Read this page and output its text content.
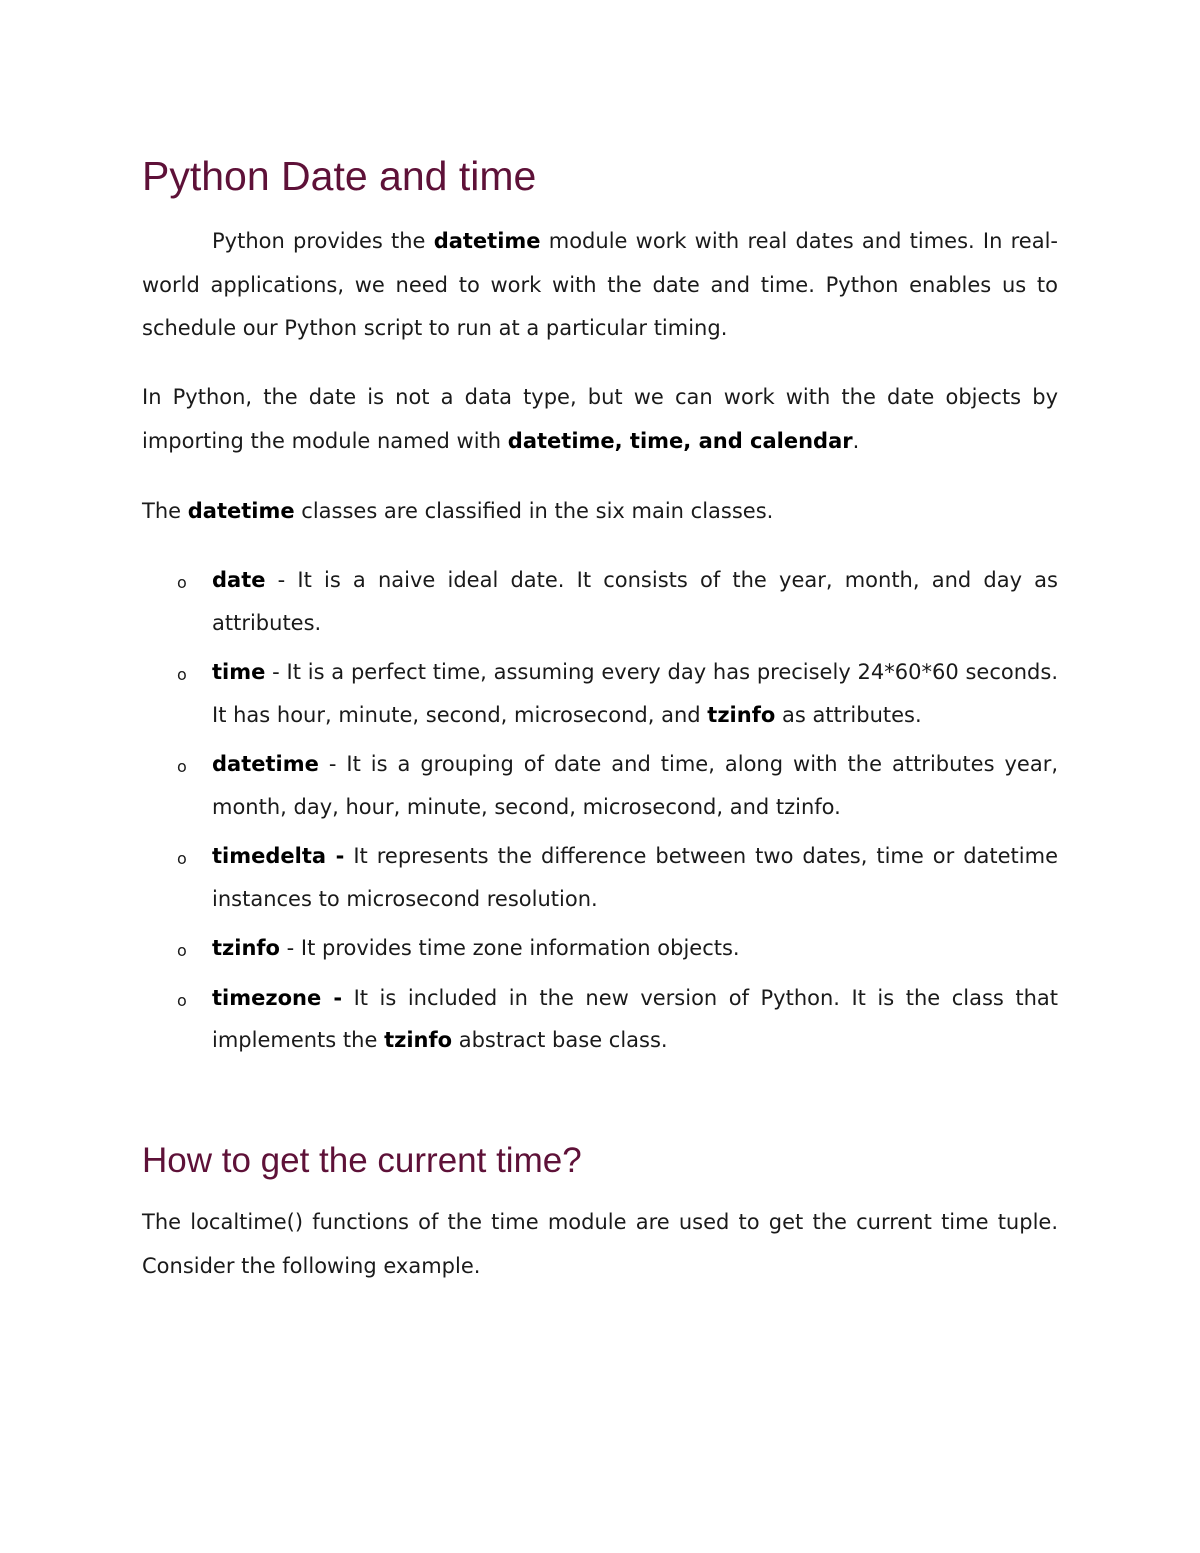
Python Date and time

Python provides the datetime module work with real dates and times. In real-world applications, we need to work with the date and time. Python enables us to schedule our Python script to run at a particular timing.

In Python, the date is not a data type, but we can work with the date objects by importing the module named with datetime, time, and calendar.

The datetime classes are classified in the six main classes.

o date - It is a naive ideal date. It consists of the year, month, and day as attributes.
o time - It is a perfect time, assuming every day has precisely 24*60*60 seconds. It has hour, minute, second, microsecond, and tzinfo as attributes.
o datetime - It is a grouping of date and time, along with the attributes year, month, day, hour, minute, second, microsecond, and tzinfo.
o timedelta - It represents the difference between two dates, time or datetime instances to microsecond resolution.
o tzinfo - It provides time zone information objects.
o timezone - It is included in the new version of Python. It is the class that implements the tzinfo abstract base class.
How to get the current time?

The localtime() functions of the time module are used to get the current time tuple. Consider the following example.
